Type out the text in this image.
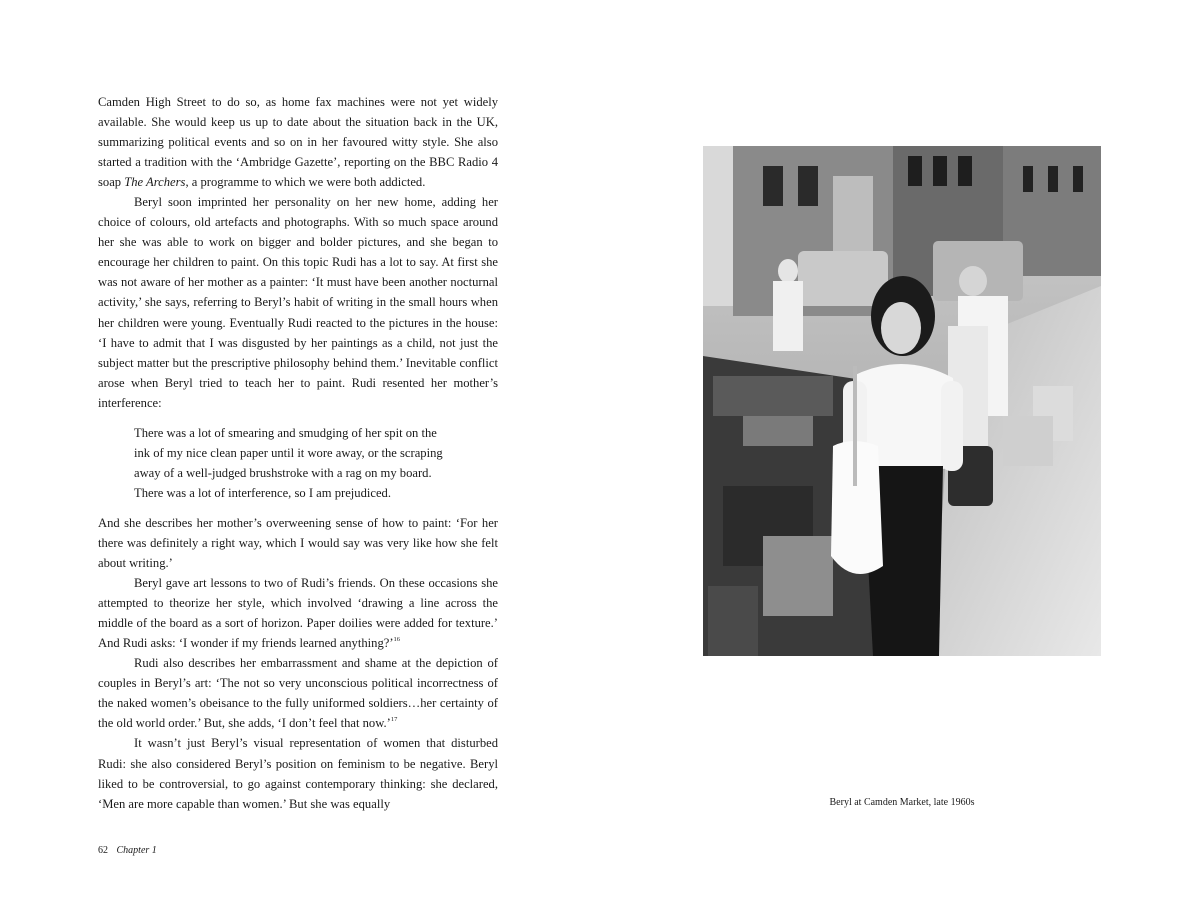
Camden High Street to do so, as home fax machines were not yet widely available. She would keep us up to date about the situation back in the UK, summarizing political events and so on in her favoured witty style. She also started a tradition with the ‘Ambridge Gazette’, reporting on the BBC Radio 4 soap The Archers, a programme to which we were both addicted.

Beryl soon imprinted her personality on her new home, adding her choice of colours, old artefacts and photographs. With so much space around her she was able to work on bigger and bolder pictures, and she began to encourage her children to paint. On this topic Rudi has a lot to say. At first she was not aware of her mother as a painter: ‘It must have been another nocturnal activity,’ she says, referring to Beryl’s habit of writing in the small hours when her children were young. Eventually Rudi reacted to the pictures in the house: ‘I have to admit that I was disgusted by her paintings as a child, not just the subject matter but the prescriptive philosophy behind them.’ Inevitable conflict arose when Beryl tried to teach her to paint. Rudi resented her mother’s interference:

There was a lot of smearing and smudging of her spit on the
ink of my nice clean paper until it wore away, or the scraping
away of a well-judged brushstroke with a rag on my board.
There was a lot of interference, so I am prejudiced.

And she describes her mother’s overweening sense of how to paint: ‘For her there was definitely a right way, which I would say was very like how she felt about writing.’

Beryl gave art lessons to two of Rudi’s friends. On these occasions she attempted to theorize her style, which involved ‘drawing a line across the middle of the board as a sort of horizon. Paper doilies were added for texture.’ And Rudi asks: ‘I wonder if my friends learned anything?’$^{16}$

Rudi also describes her embarrassment and shame at the depiction of couples in Beryl’s art: ‘The not so very unconscious political incorrectness of the naked women’s obeisance to the fully uniformed soldiers…her certainty of the old world order.’ But, she adds, ‘I don’t feel that now.’$^{17}$

It wasn’t just Beryl’s visual representation of women that disturbed Rudi: she also considered Beryl’s position on feminism to be negative. Beryl liked to be controversial, to go against contemporary thinking: she declared, ‘Men are more capable than women.’ But she was equally

62 Chapter 1
Beryl at Camden Market, late 1960s
